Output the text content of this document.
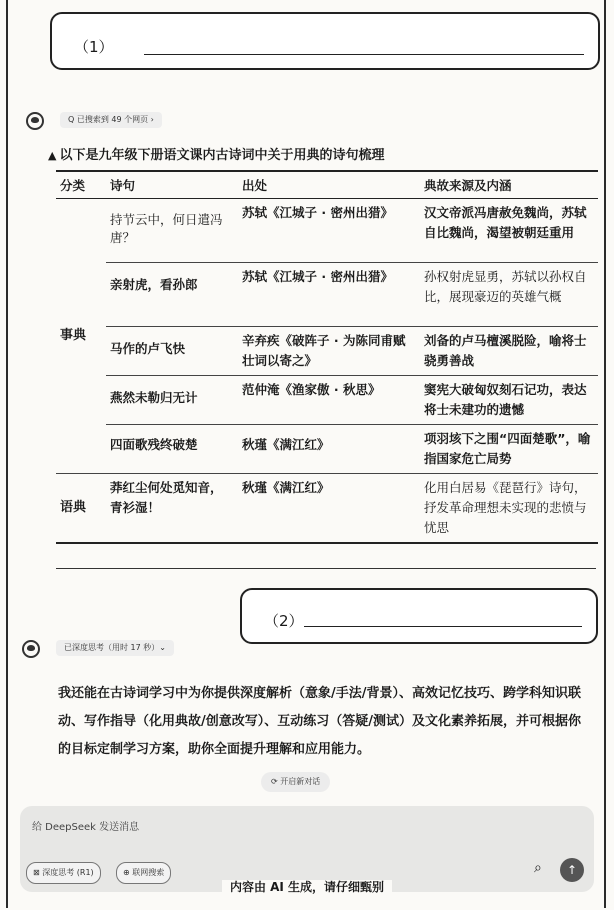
（1）
Q 已搜索到 49 个网页 ›
▲ 以下是九年级下册语文课内古诗词中关于用典的诗句梳理
分类	诗句	出处	典故来源及内涵
事典	持节云中，何日遣冯唐？	苏轼《江城子 · 密州出猎》	汉文帝派冯唐赦免魏尚，苏轼自比魏尚，渴望被朝廷重用
	亲射虎，看孙郎	苏轼《江城子 · 密州出猎》	孙权射虎显勇，苏轼以孙权自比，展现豪迈的英雄气概
	马作的卢飞快	辛弃疾《破阵子 · 为陈同甫赋壮词以寄之》	刘备的卢马檀溪脱险，喻将士骁勇善战
	燕然未勒归无计	范仲淹《渔家傲 · 秋思》	窦宪大破匈奴刻石记功，表达将士未建功的遗憾
	四面歌残终破楚	秋瑾《满江红》	项羽垓下之围“四面楚歌”，喻指国家危亡局势
语典	莽红尘何处觅知音，青衫湿！	秋瑾《满江红》	化用白居易《琵琶行》诗句，抒发革命理想未实现的悲愤与忧思
（2）
已深度思考（用时 17 秒）⌄
我还能在古诗词学习中为你提供深度解析（意象/手法/背景）、高效记忆技巧、跨学科知识联动、写作指导（化用典故/创意改写）、互动练习（答疑/测试）及文化素养拓展，并可根据你的目标定制学习方案，助你全面提升理解和应用能力。
⟳ 开启新对话
给 DeepSeek 发送消息
⊠ 深度思考 (R1)	⊕ 联网搜索	⌕	↑
内容由 AI 生成，请仔细甄别
